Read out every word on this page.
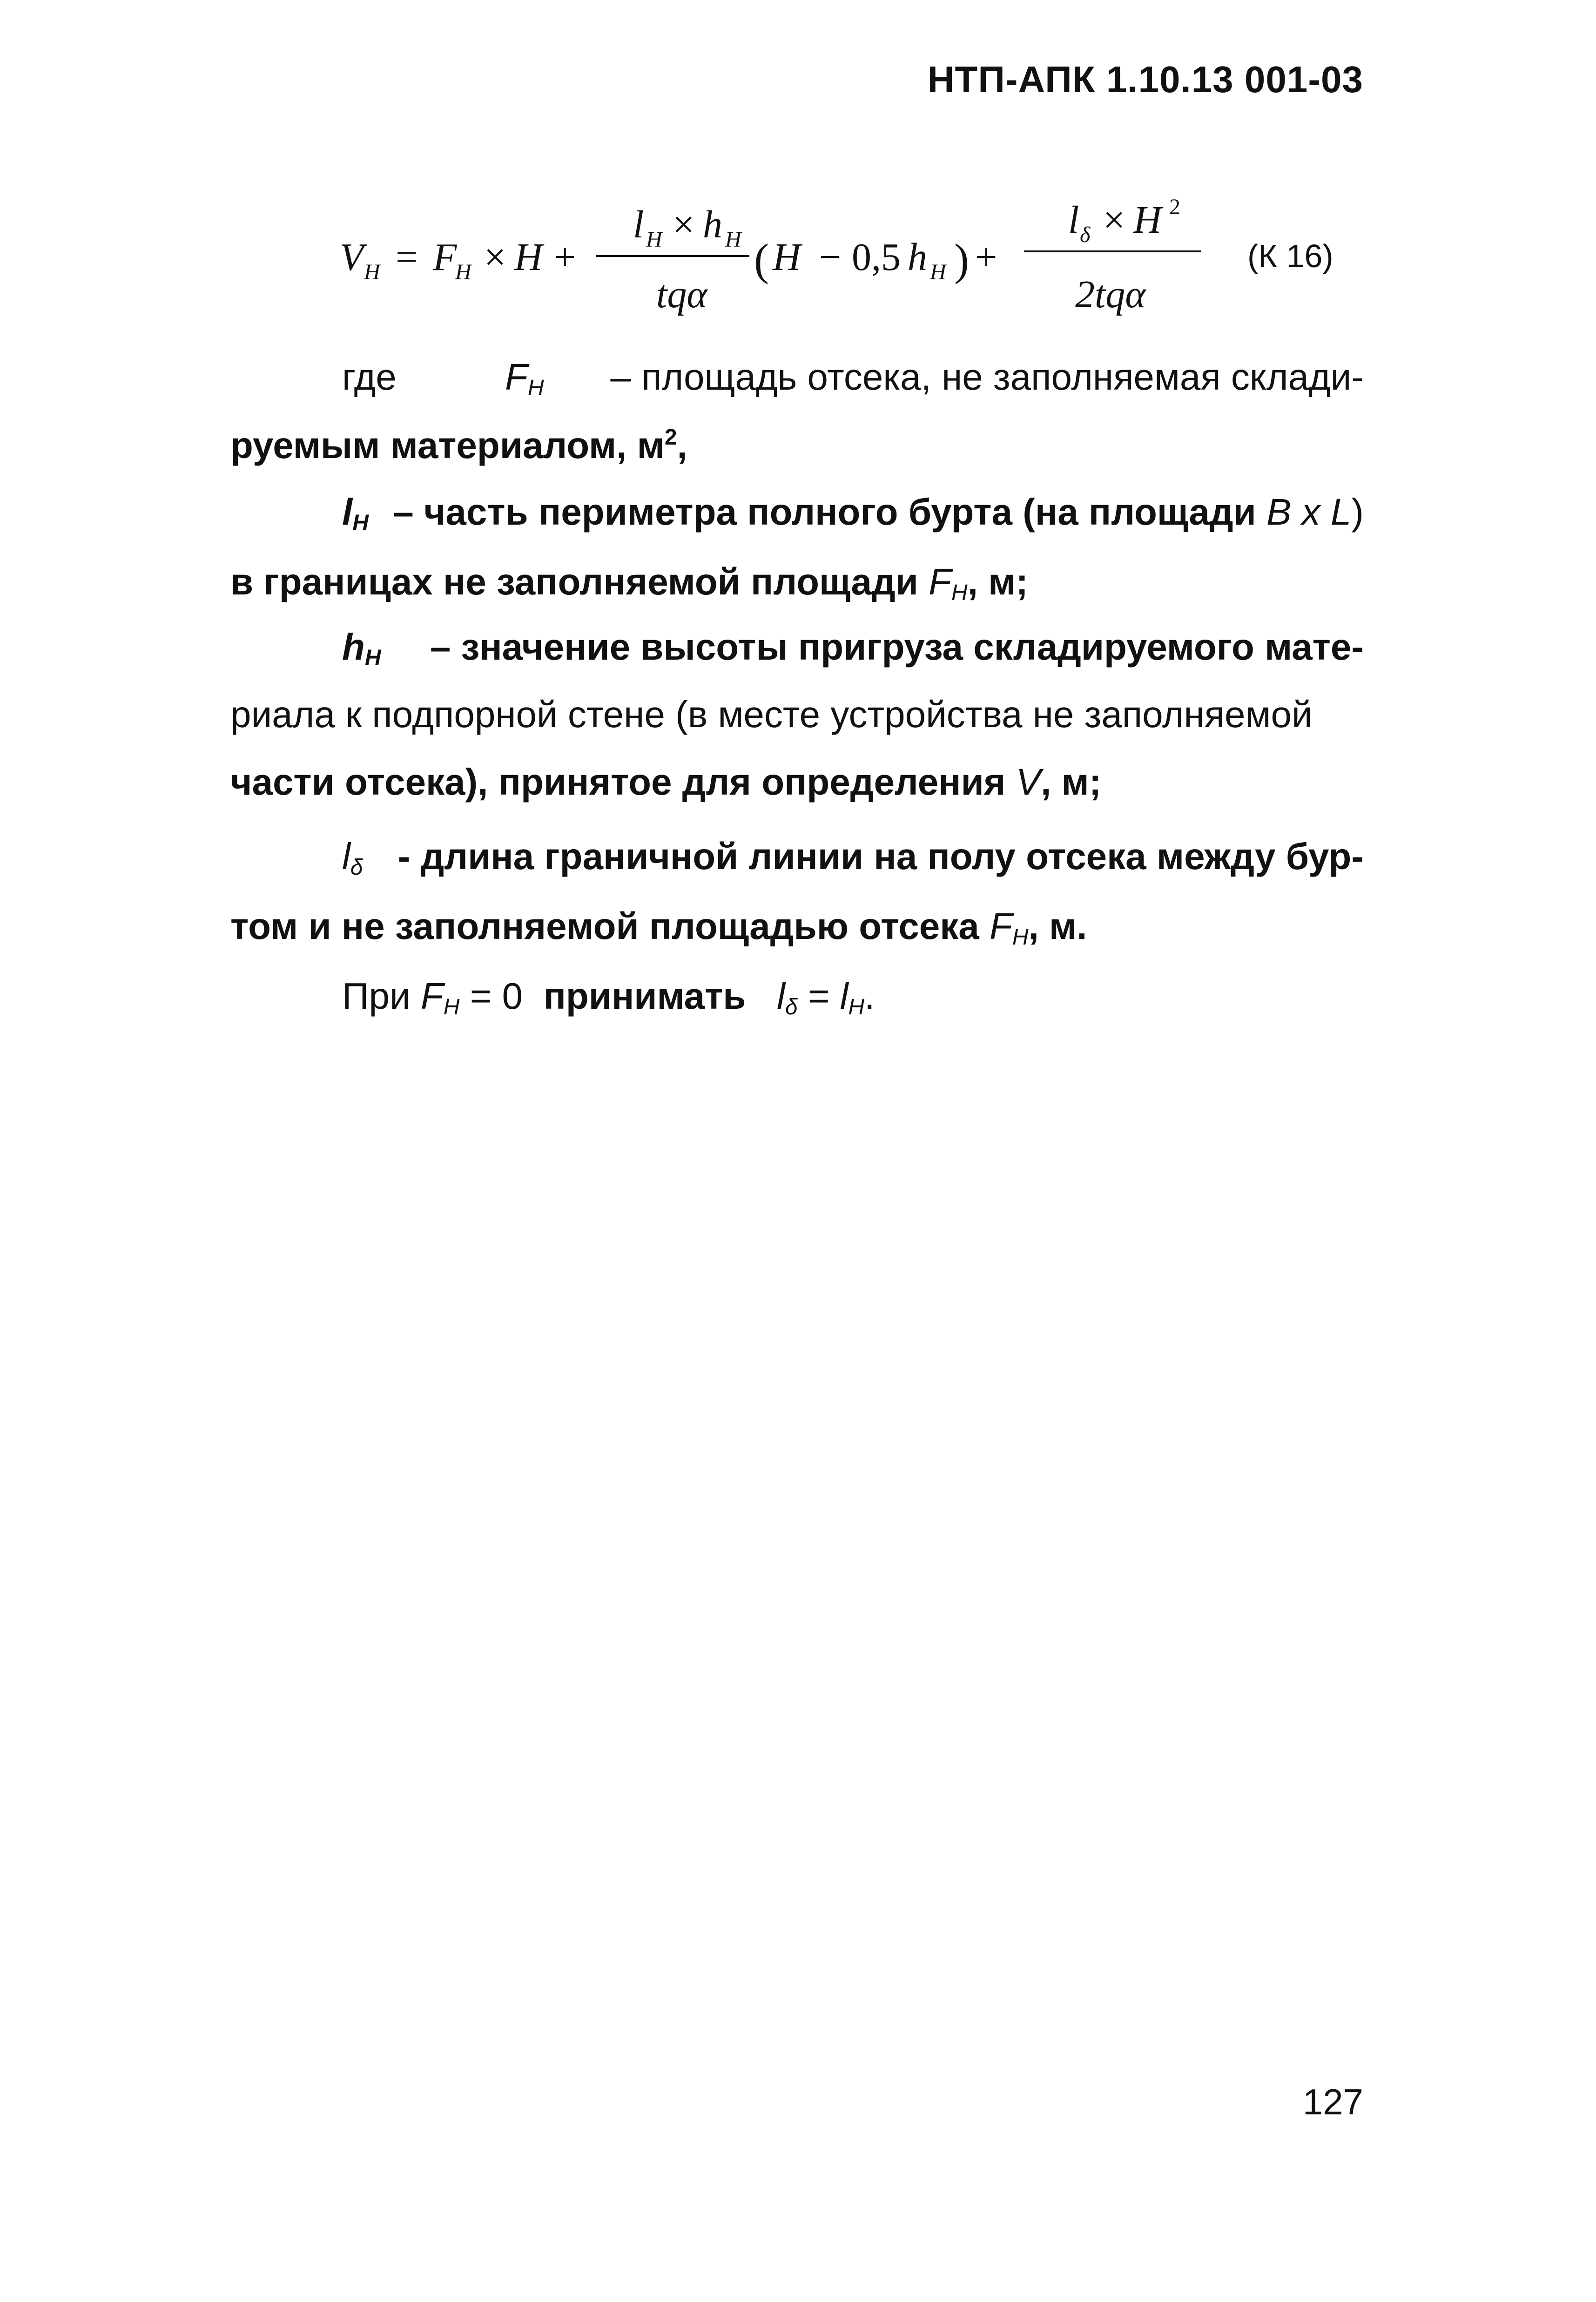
НТП-АПК 1.10.13 001-03
V H = F
H × H +
l H × h H
tqα
( H − 0,5 h H ) +
l δ × H 2
2tqα
(К 16)
где	$F_H$ – площадь отсека, не заполняемая склади-
руемым материалом, $м^2$,
$l_H$ – часть периметра полного бурта (на площади B x L)
в границах не заполняемой площади $F_H$, м;
$h_H$ – значение высоты пригруза складируемого мате-
риала к подпорной стене (в месте устройства не заполняемой
части отсека), принятое для определения V, м;
$l_\delta$ - длина граничной линии на полу отсека между бур-
том и не заполняемой площадью отсека $F_H$, м.
При $F_H = 0$ принимать $l_\delta = l_H$.
127
